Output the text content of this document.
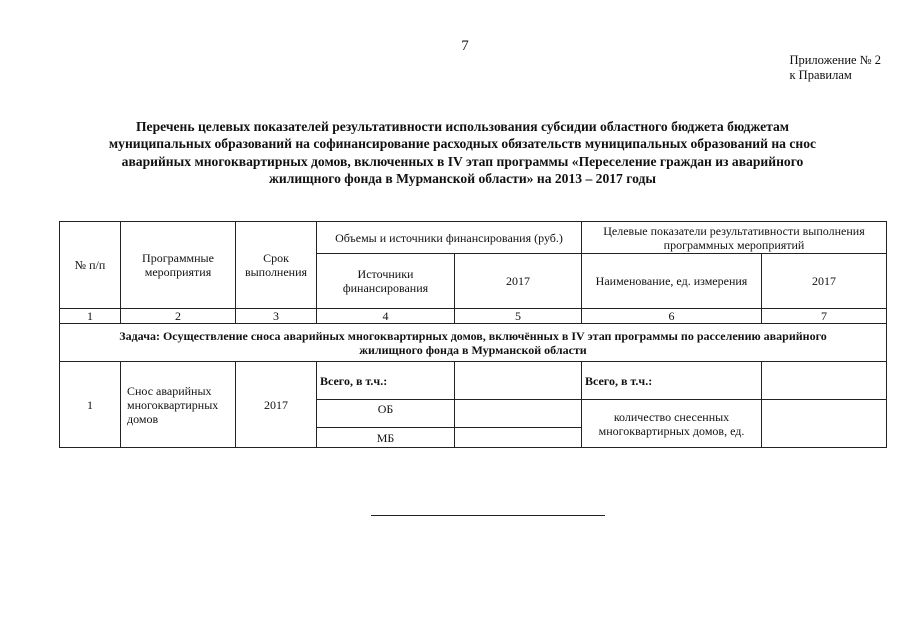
7
Приложение № 2
к Правилам
Перечень целевых показателей результативности использования субсидии областного бюджета бюджетам
муниципальных образований на софинансирование расходных обязательств муниципальных образований на снос
аварийных многоквартирных домов, включенных в IV этап программы «Переселение граждан из аварийного
жилищного фонда в Мурманской области» на 2013 – 2017 годы
№ п/п	Программные мероприятия	Срок выполнения	Объемы и источники финансирования (руб.)		Целевые показатели результативности выполнения программных мероприятий	
			Источники финансирования	2017	Наименование, ед. измерения	2017
1	2	3	4	5	6	7
Задача: Осуществление сноса аварийных многоквартирных домов, включённых в IV этап программы по расселению аварийного жилищного фонда в Мурманской области						
1	Снос аварийных многоквартирных домов	2017	Всего, в т.ч.:		Всего, в т.ч.:	
			ОБ		количество снесенных многоквартирных домов, ед.	
			МБ			
